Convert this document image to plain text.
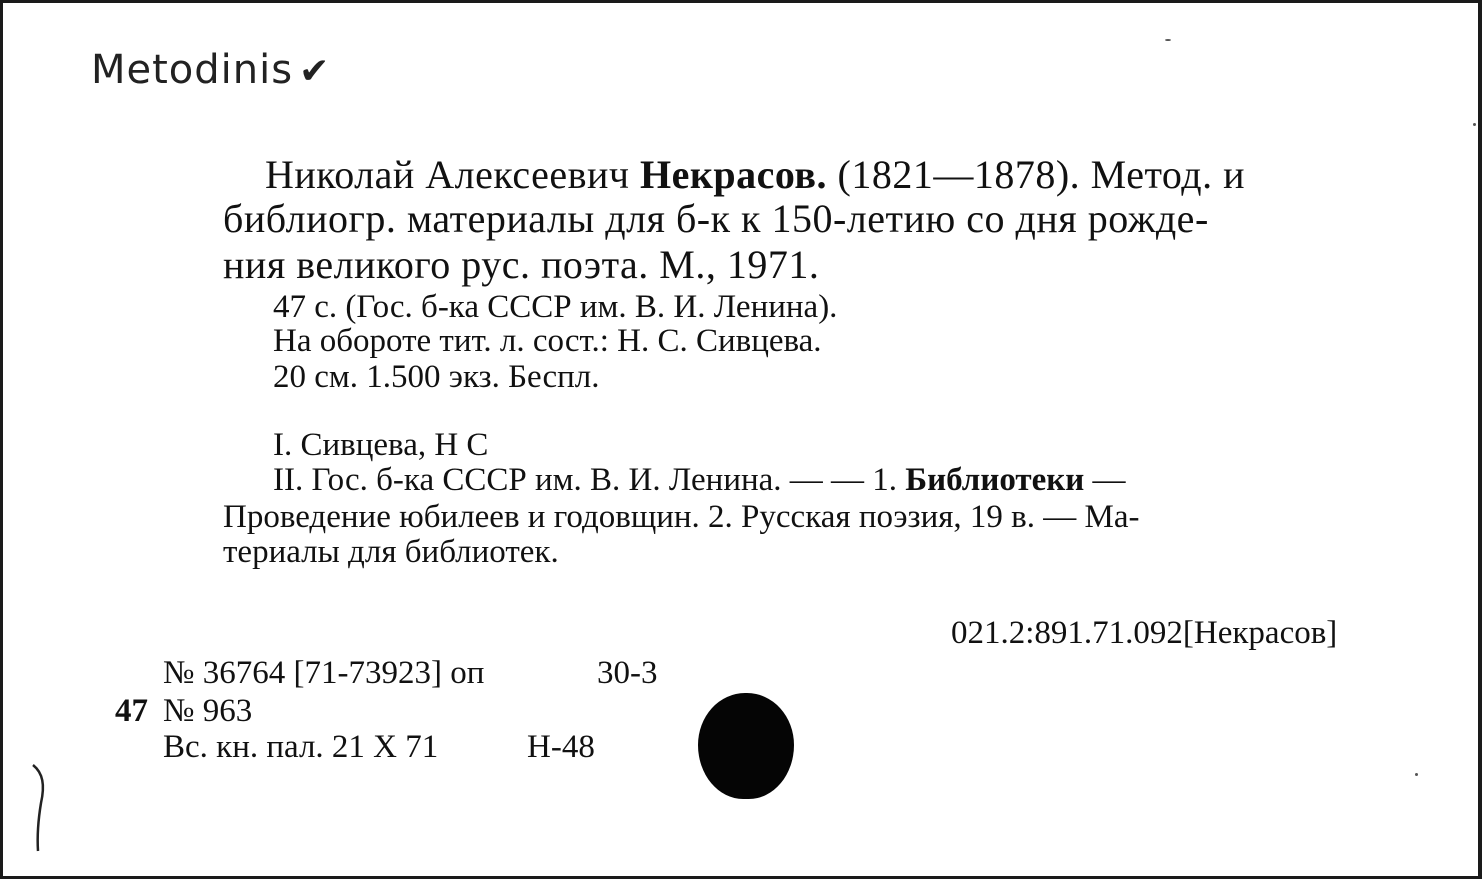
Metodinis ✔
Николай Алексеевич Некрасов. (1821—1878). Метод. и
библиогр. материалы для б-к к 150-летию со дня рожде-
ния великого рус. поэта. М., 1971.
47 с. (Гос. б-ка СССР им. В. И. Ленина).
На обороте тит. л. сост.: Н. С. Сивцева.
20 см. 1.500 экз. Беспл.
I. Сивцева, Н С
II. Гос. б-ка СССР им. В. И. Ленина. — — 1. Библиотеки —
Проведение юбилеев и годовщин. 2. Русская поэзия, 19 в. — Ма-
териалы для библиотек.
021.2:891.71.092[Некрасов]
№ 36764 [71-73923] оп	30-3
47 № 963
Вс. кн. пал. 21 X 71	Н-48
